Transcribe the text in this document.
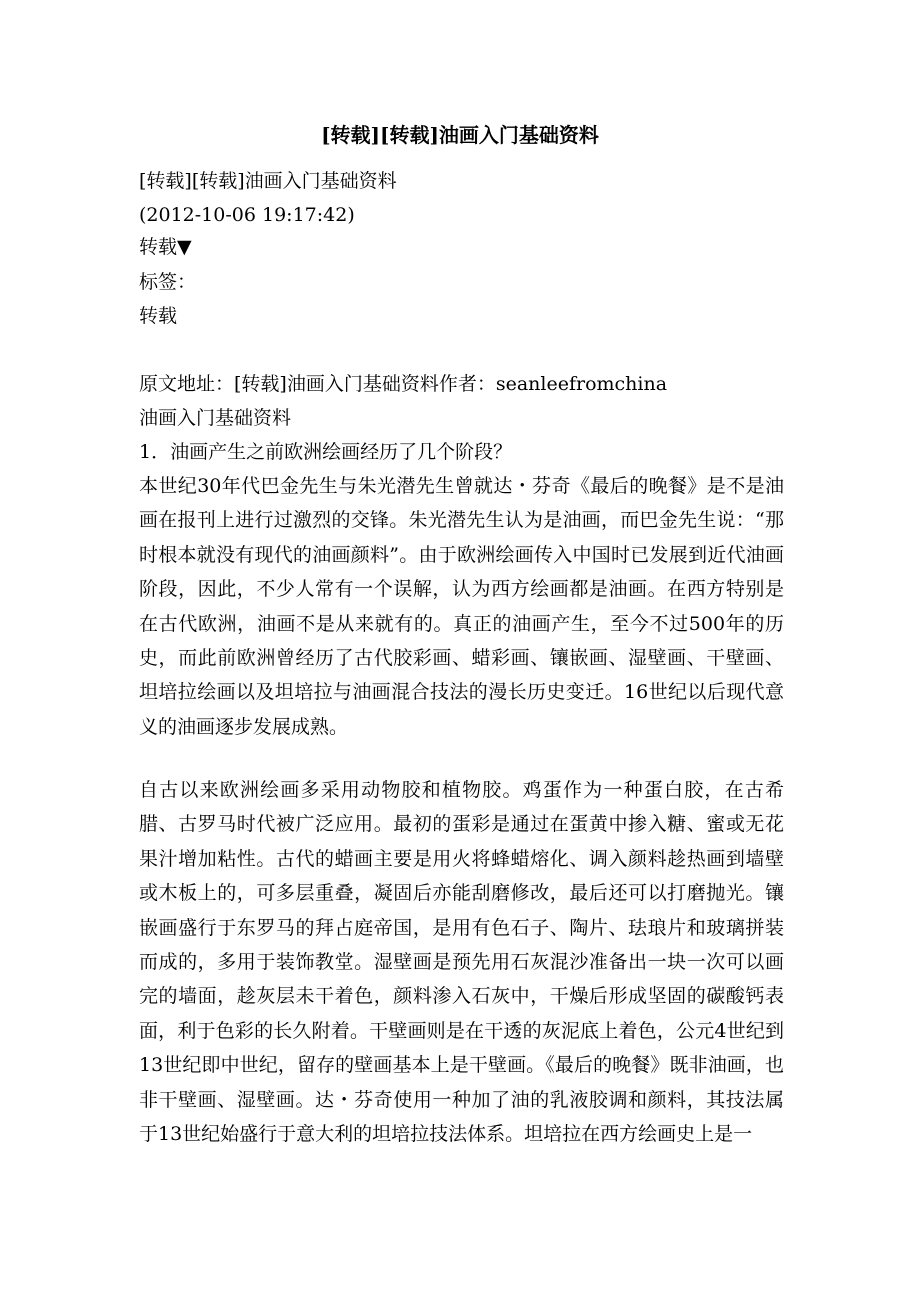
[转载][转载]油画入门基础资料
[转载][转载]油画入门基础资料
(2012-10-06 19:17:42)
转载▼
标签：
转载
原文地址：[转载]油画入门基础资料作者：seanleefromchina
油画入门基础资料
1．油画产生之前欧洲绘画经历了几个阶段？
本世纪30年代巴金先生与朱光潜先生曾就达・芬奇《最后的晚餐》是不是油画在报刊上进行过激烈的交锋。朱光潜先生认为是油画，而巴金先生说：“那时根本就没有现代的油画颜料”。由于欧洲绘画传入中国时已发展到近代油画阶段，因此，不少人常有一个误解，认为西方绘画都是油画。在西方特别是在古代欧洲，油画不是从来就有的。真正的油画产生，至今不过500年的历史，而此前欧洲曾经历了古代胶彩画、蜡彩画、镶嵌画、湿壁画、干壁画、坦培拉绘画以及坦培拉与油画混合技法的漫长历史变迁。16世纪以后现代意义的油画逐步发展成熟。
自古以来欧洲绘画多采用动物胶和植物胶。鸡蛋作为一种蛋白胶，在古希腊、古罗马时代被广泛应用。最初的蛋彩是通过在蛋黄中掺入糖、蜜或无花果汁增加粘性。古代的蜡画主要是用火将蜂蜡熔化、调入颜料趁热画到墙壁或木板上的，可多层重叠，凝固后亦能刮磨修改，最后还可以打磨抛光。镶嵌画盛行于东罗马的拜占庭帝国，是用有色石子、陶片、珐琅片和玻璃拼装而成的，多用于装饰教堂。湿壁画是预先用石灰混沙准备出一块一次可以画完的墙面，趁灰层未干着色，颜料渗入石灰中，干燥后形成坚固的碳酸钙表面，利于色彩的长久附着。干壁画则是在干透的灰泥底上着色，公元4世纪到13世纪即中世纪，留存的壁画基本上是干壁画。《最后的晚餐》既非油画，也非干壁画、湿壁画。达・芬奇使用一种加了油的乳液胶调和颜料，其技法属于13世纪始盛行于意大利的坦培拉技法体系。坦培拉在西方绘画史上是一
